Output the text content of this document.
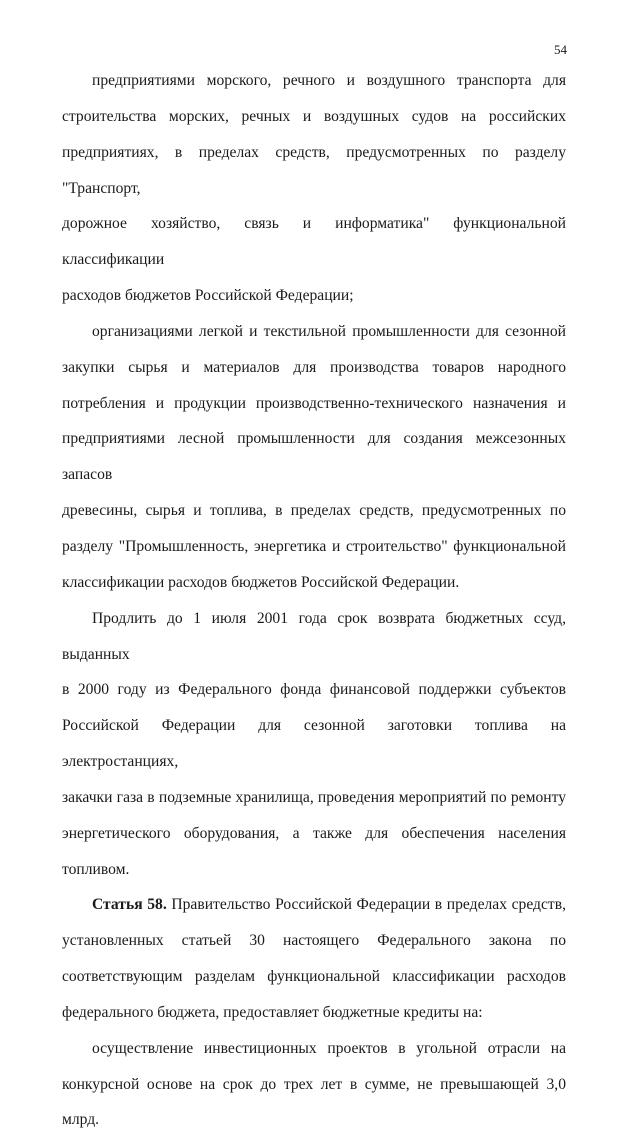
54

предприятиями морского, речного и воздушного транспорта для

строительства морских, речных и воздушных судов на российских

предприятиях, в пределах средств, предусмотренных по разделу "Транспорт,

дорожное хозяйство, связь и информатика" функциональной классификации

расходов бюджетов Российской Федерации;

организациями легкой и текстильной промышленности для сезонной

закупки сырья и материалов для производства товаров народного

потребления и продукции производственно-технического назначения и

предприятиями лесной промышленности для создания межсезонных запасов

древесины, сырья и топлива, в пределах средств, предусмотренных по

разделу "Промышленность, энергетика и строительство" функциональной

классификации расходов бюджетов Российской Федерации.

Продлить до 1 июля 2001 года срок возврата бюджетных ссуд, выданных

в 2000 году из Федерального фонда финансовой поддержки субъектов

Российской Федерации для сезонной заготовки топлива на электростанциях,

закачки газа в подземные хранилища, проведения мероприятий по ремонту

энергетического оборудования, а также для обеспечения населения топливом.

Статья 58. Правительство Российской Федерации в пределах средств,

установленных статьей 30 настоящего Федерального закона по

соответствующим разделам функциональной классификации расходов

федерального бюджета, предоставляет бюджетные кредиты на:

осуществление инвестиционных проектов в угольной отрасли на

конкурсной основе на срок до трех лет в сумме, не превышающей 3,0 млрд.
